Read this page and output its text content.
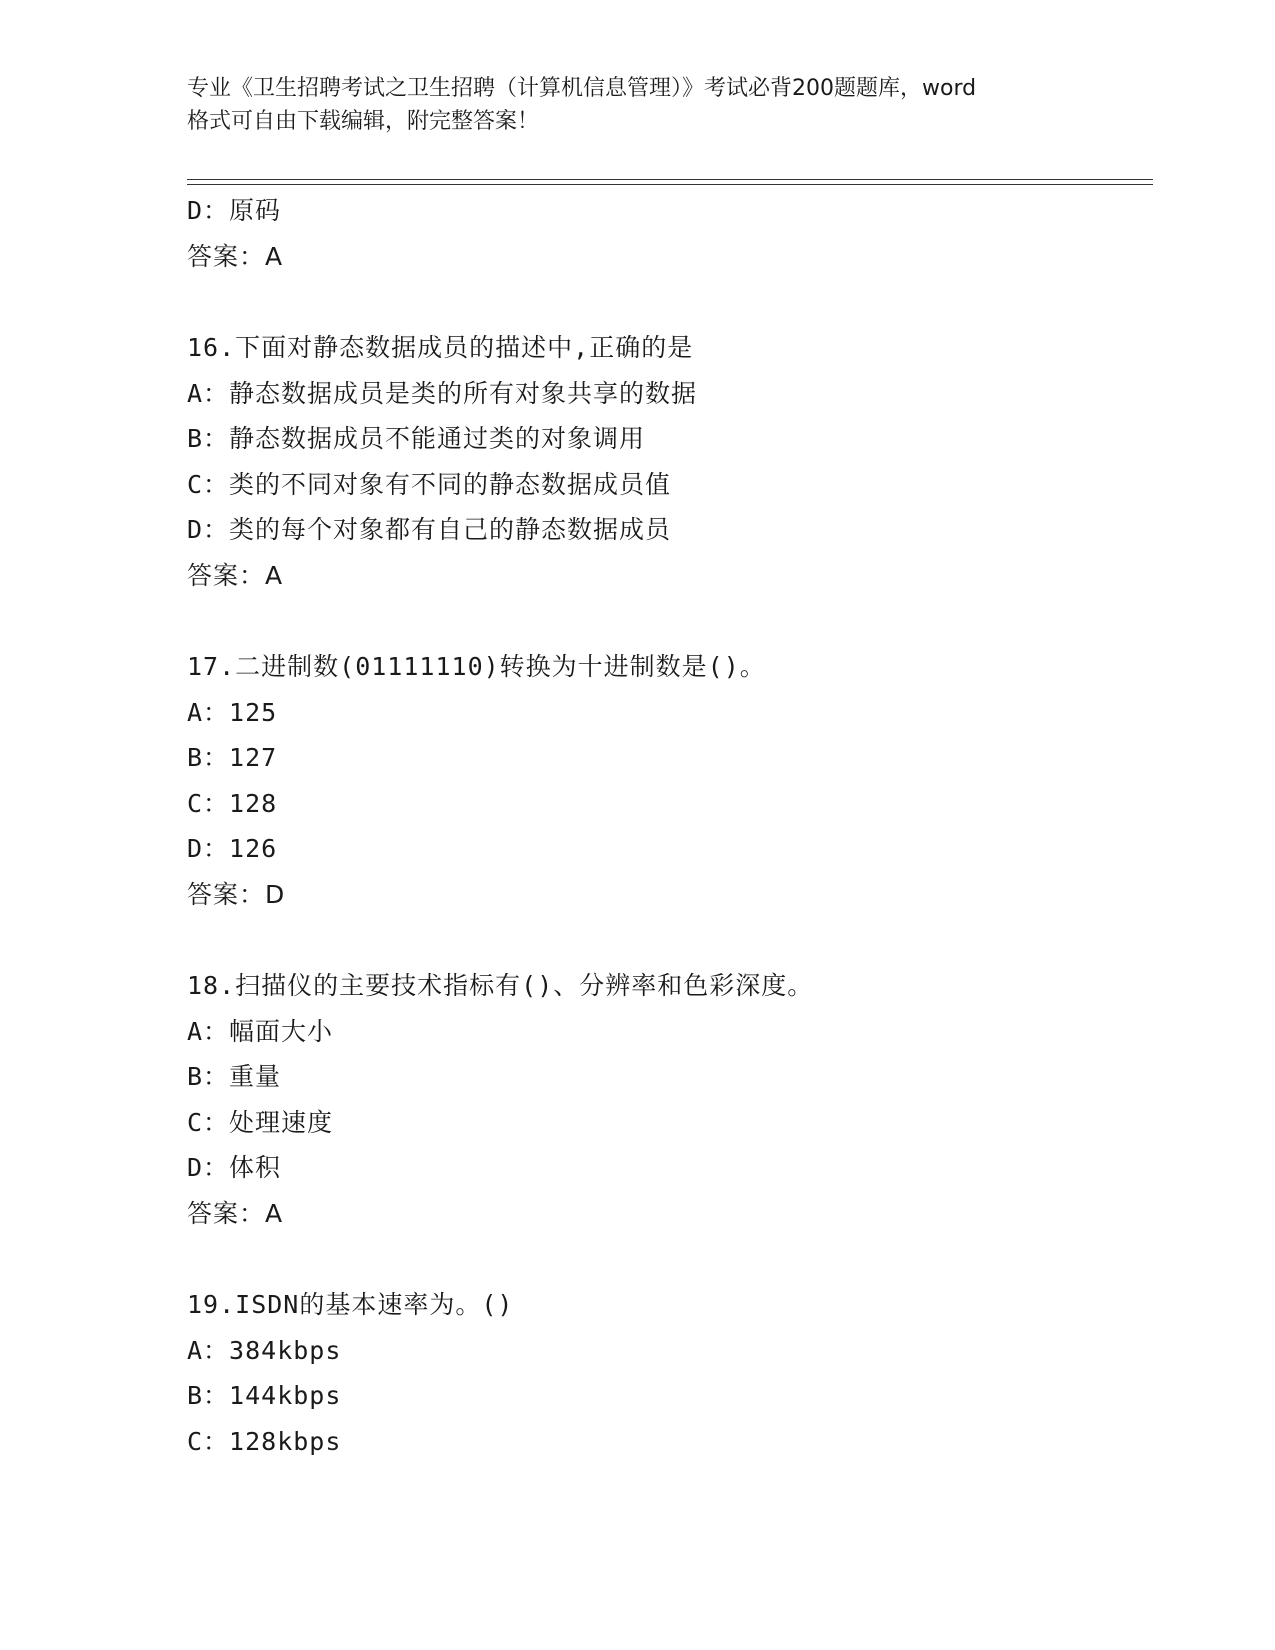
专业《卫生招聘考试之卫生招聘（计算机信息管理）》考试必背200题题库，word
格式可自由下载编辑，附完整答案！
D：原码
答案：A
16.下面对静态数据成员的描述中,正确的是
A：静态数据成员是类的所有对象共享的数据
B：静态数据成员不能通过类的对象调用
C：类的不同对象有不同的静态数据成员值
D：类的每个对象都有自己的静态数据成员
答案：A
17.二进制数(01111110)转换为十进制数是()。
A：125
B：127
C：128
D：126
答案：D
18.扫描仪的主要技术指标有()、分辨率和色彩深度。
A：幅面大小
B：重量
C：处理速度
D：体积
答案：A
19.ISDN的基本速率为。()
A：384kbps
B：144kbps
C：128kbps
